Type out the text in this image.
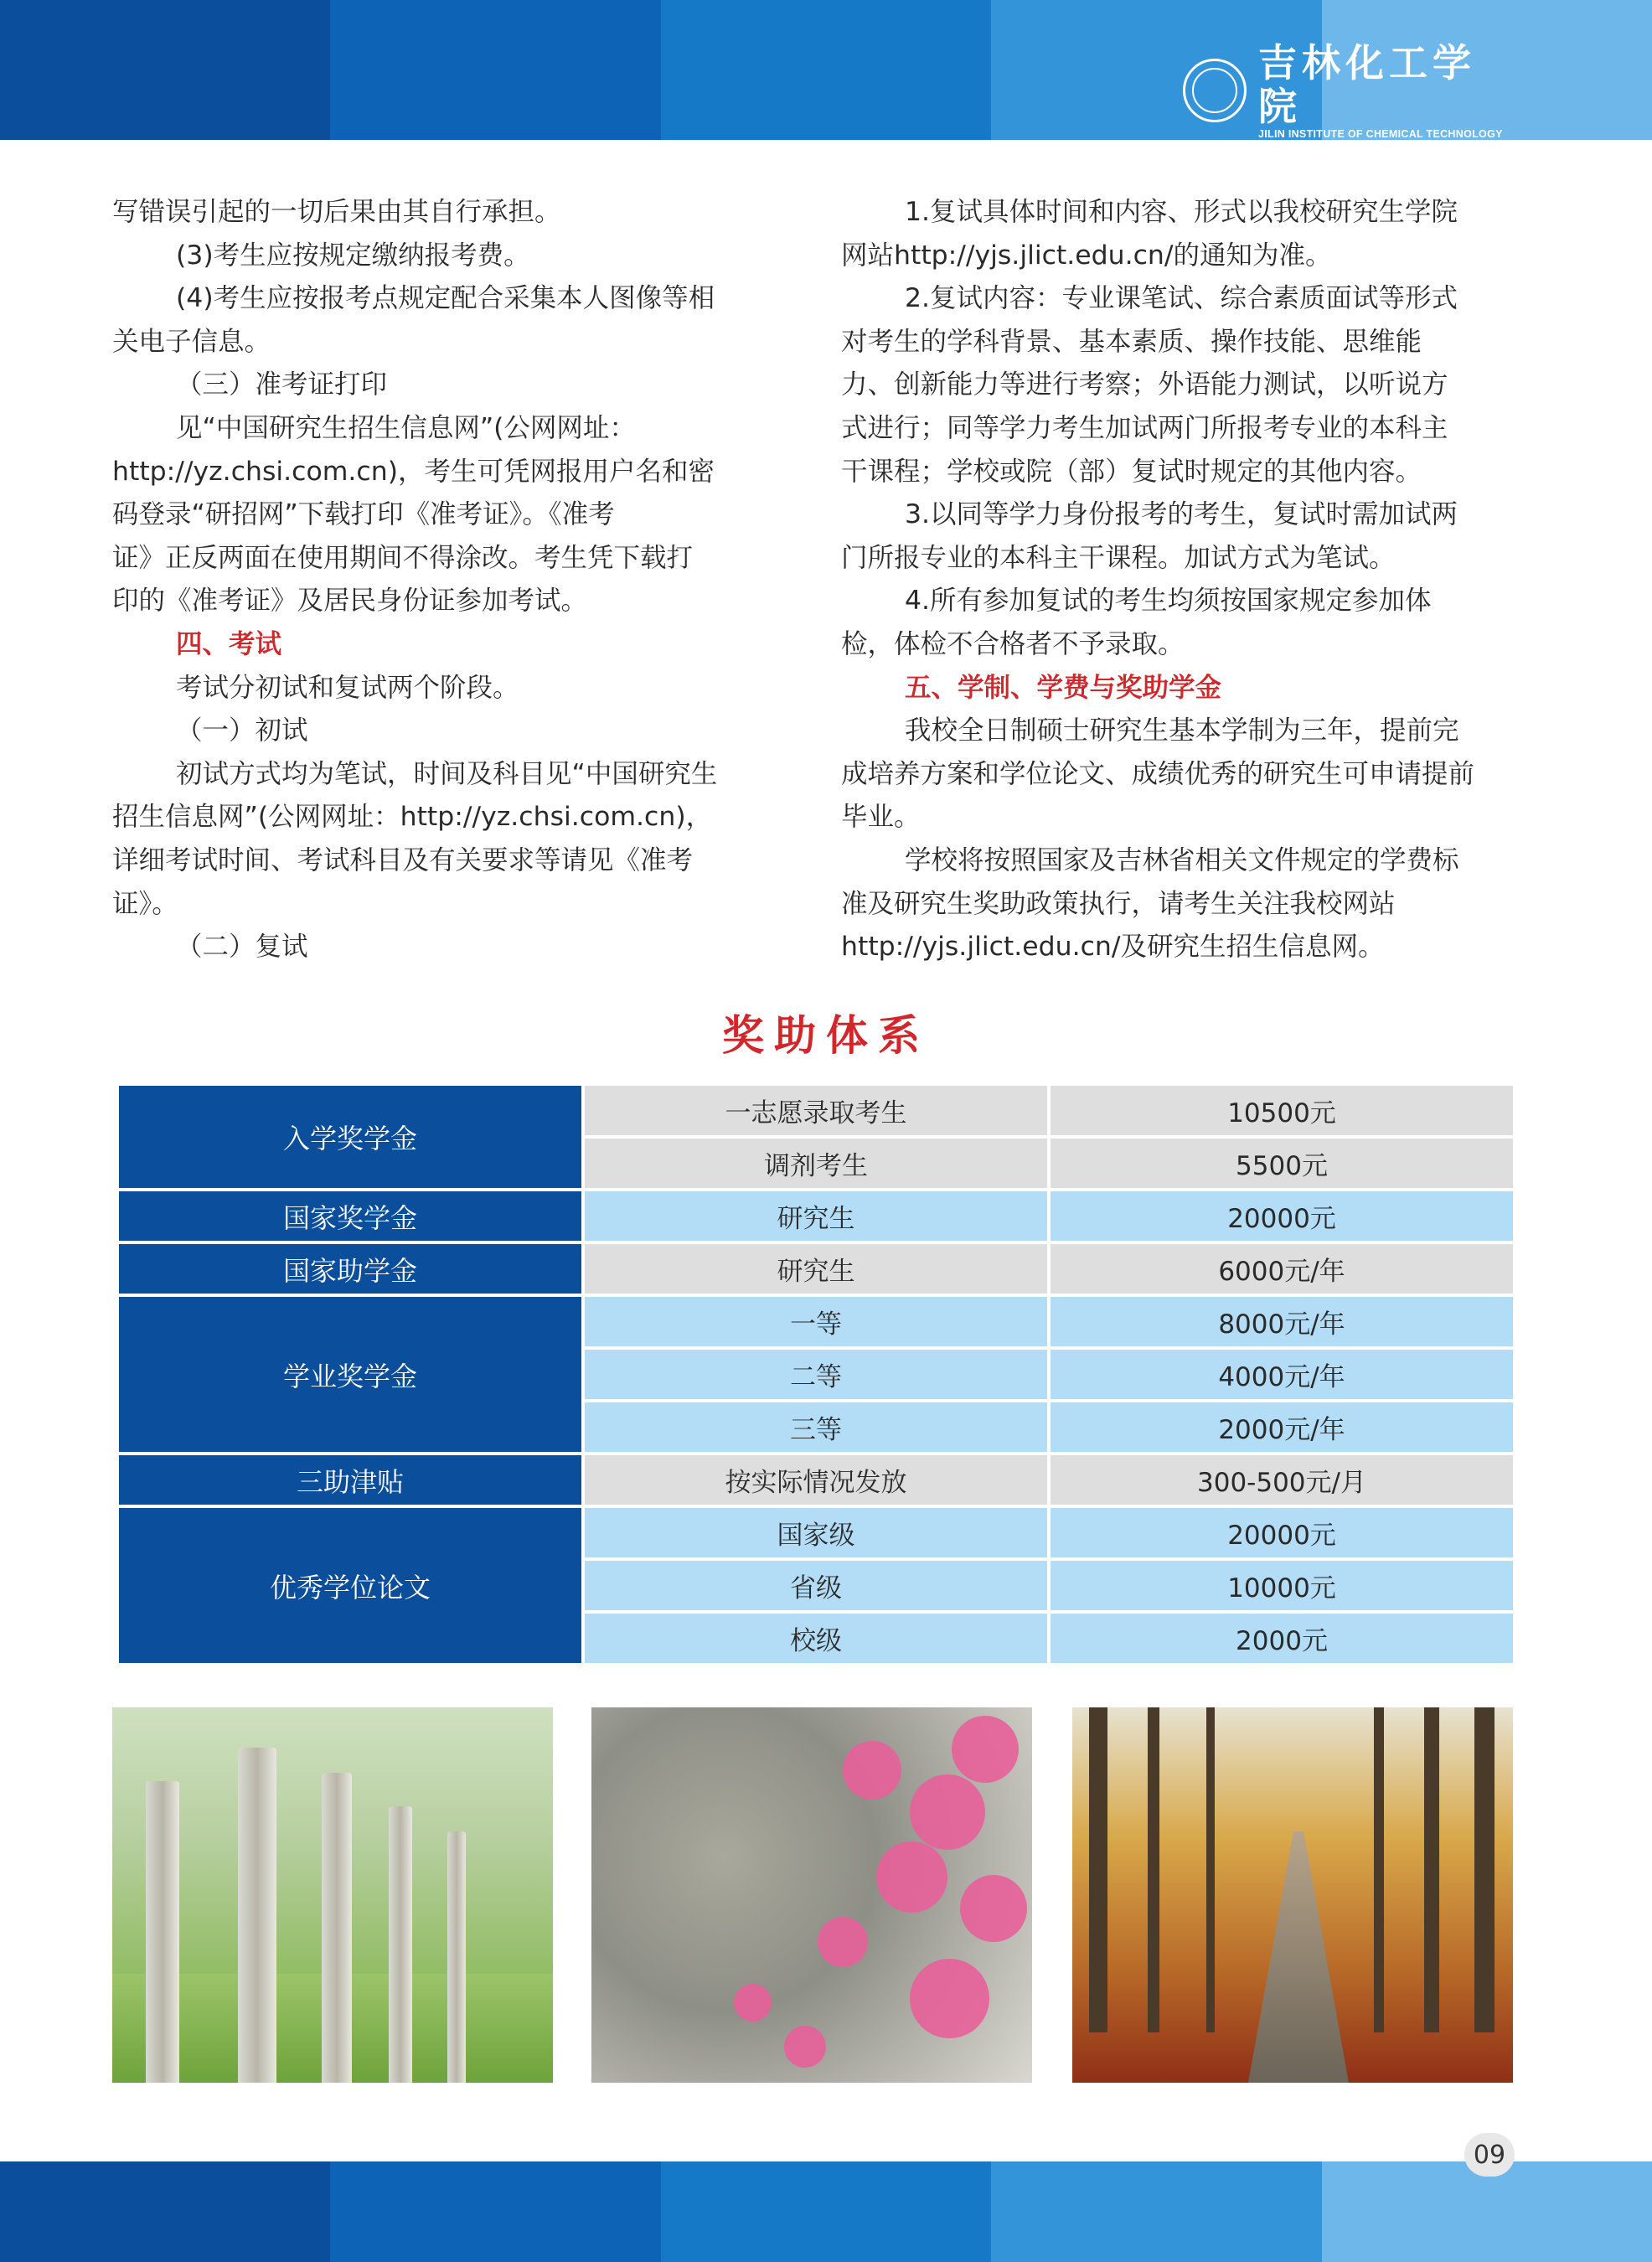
吉林化工学院
JILIN INSTITUTE OF CHEMICAL TECHNOLOGY

写错误引起的一切后果由其自行承担。

(3)考生应按规定缴纳报考费。

(4)考生应按报考点规定配合采集本人图像等相

关电子信息。

（三）准考证打印

见“中国研究生招生信息网”(公网网址：

http://yz.chsi.com.cn)，考生可凭网报用户名和密

码登录“研招网”下载打印《准考证》。《准考

证》正反两面在使用期间不得涂改。考生凭下载打

印的《准考证》及居民身份证参加考试。

四、考试

考试分初试和复试两个阶段。

（一）初试

初试方式均为笔试，时间及科目见“中国研究生

招生信息网”(公网网址：http://yz.chsi.com.cn)，

详细考试时间、考试科目及有关要求等请见《准考

证》。

（二）复试

1.复试具体时间和内容、形式以我校研究生学院

网站http://yjs.jlict.edu.cn/的通知为准。

2.复试内容：专业课笔试、综合素质面试等形式

对考生的学科背景、基本素质、操作技能、思维能

力、创新能力等进行考察；外语能力测试，以听说方

式进行；同等学力考生加试两门所报考专业的本科主

干课程；学校或院（部）复试时规定的其他内容。

3.以同等学力身份报考的考生，复试时需加试两

门所报专业的本科主干课程。加试方式为笔试。

4.所有参加复试的考生均须按国家规定参加体

检，体检不合格者不予录取。

五、学制、学费与奖助学金

我校全日制硕士研究生基本学制为三年，提前完

成培养方案和学位论文、成绩优秀的研究生可申请提前

毕业。

学校将按照国家及吉林省相关文件规定的学费标

准及研究生奖助政策执行，请考生关注我校网站

http://yjs.jlict.edu.cn/及研究生招生信息网。

奖助体系
入学奖学金	一志愿录取考生	10500元
	调剂考生	5500元
国家奖学金	研究生	20000元
国家助学金	研究生	6000元/年
学业奖学金	一等	8000元/年
	二等	4000元/年
	三等	2000元/年
三助津贴	按实际情况发放	300-500元/月
优秀学位论文	国家级	20000元
	省级	10000元
	校级	2000元
09
